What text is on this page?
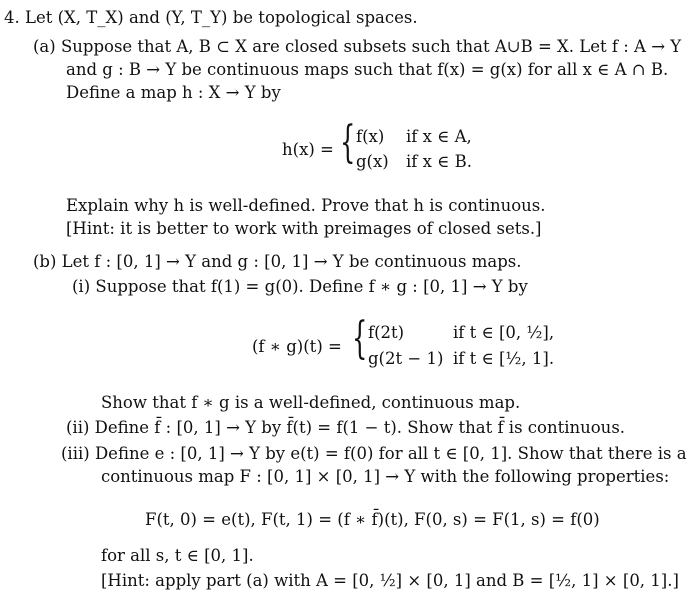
4. Let (X, T_X) and (Y, T_Y) be topological spaces.
(a) Suppose that A, B ⊂ X are closed subsets such that A∪B = X. Let f : A → Y
and g : B → Y be continuous maps such that f(x) = g(x) for all x ∈ A ∩ B.
Define a map h : X → Y by
h(x) = { f(x) if x ∈ A,
g(x) if x ∈ B.
Explain why h is well-defined. Prove that h is continuous.
[Hint: it is better to work with preimages of closed sets.]
(b) Let f : [0, 1] → Y and g : [0, 1] → Y be continuous maps.
(i) Suppose that f(1) = g(0). Define f ∗ g : [0, 1] → Y by
(f ∗ g)(t) = { f(2t)	if t ∈ [0, ½],
g(2t − 1) if t ∈ [½, 1].
Show that f ∗ g is a well-defined, continuous map.
(ii) Define f̄ : [0, 1] → Y by f̄(t) = f(1 − t). Show that f̄ is continuous.
(iii) Define e : [0, 1] → Y by e(t) = f(0) for all t ∈ [0, 1]. Show that there is a
continuous map F : [0, 1] × [0, 1] → Y with the following properties:
F(t, 0) = e(t), F(t, 1) = (f ∗ f̄)(t), F(0, s) = F(1, s) = f(0)
for all s, t ∈ [0, 1].
[Hint: apply part (a) with A = [0, ½] × [0, 1] and B = [½, 1] × [0, 1].]
